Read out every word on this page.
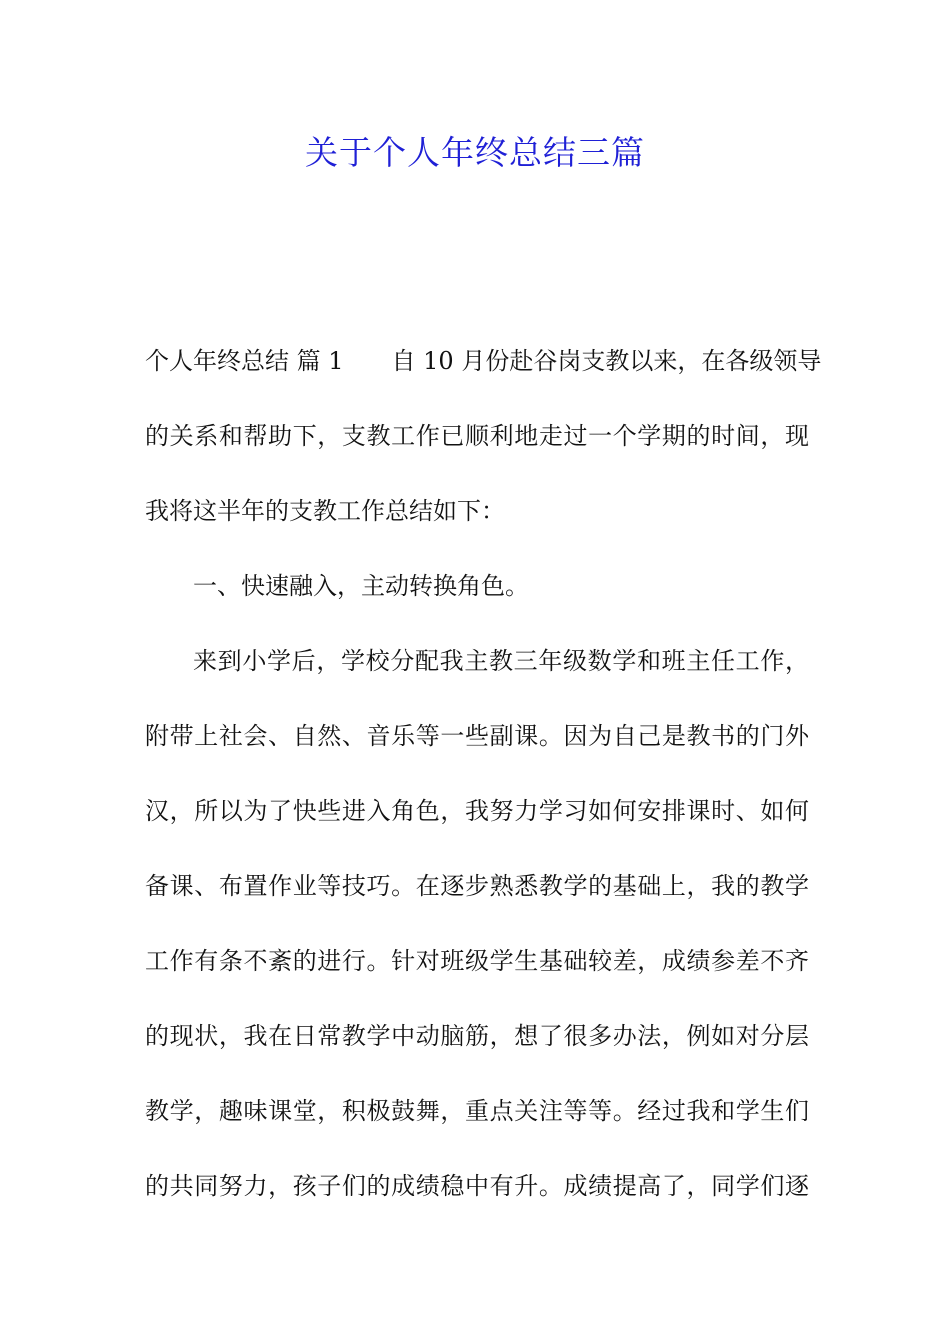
关于个人年终总结三篇
个人年终总结 篇 1 自 10 月份赴谷岗支教以来，在各级领导
的关系和帮助下，支教工作已顺利地走过一个学期的时间，现
我将这半年的支教工作总结如下：
一、快速融入，主动转换角色。
来到小学后，学校分配我主教三年级数学和班主任工作，
附带上社会、自然、音乐等一些副课。因为自己是教书的门外
汉，所以为了快些进入角色，我努力学习如何安排课时、如何
备课、布置作业等技巧。在逐步熟悉教学的基础上，我的教学
工作有条不紊的进行。针对班级学生基础较差，成绩参差不齐
的现状，我在日常教学中动脑筋，想了很多办法，例如对分层
教学，趣味课堂，积极鼓舞，重点关注等等。经过我和学生们
的共同努力，孩子们的成绩稳中有升。成绩提高了，同学们逐
